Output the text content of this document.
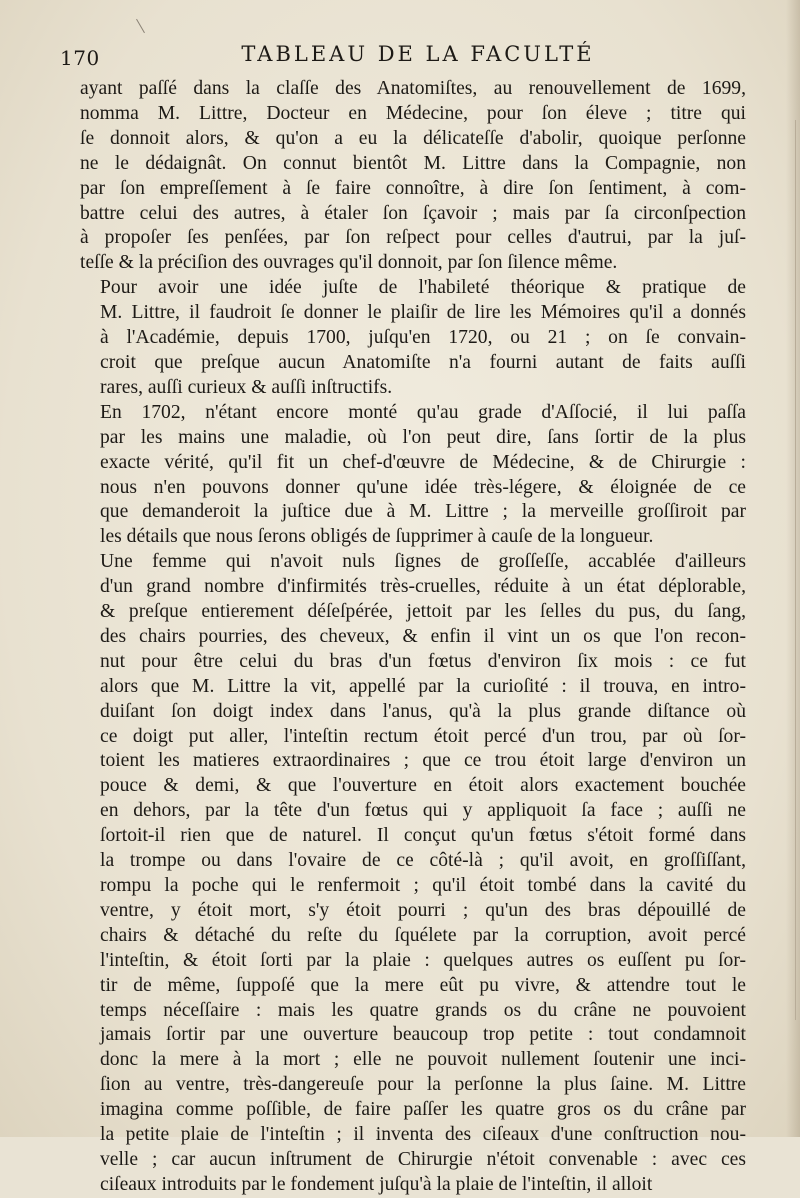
170	TABLEAU DE LA FACULTÉ

ayant paſſé dans la claſſe des Anatomiſtes, au renouvellement de 1699,
nomma M. Littre, Docteur en Médecine, pour ſon éleve ; titre qui
ſe donnoit alors, & qu'on a eu la délicateſſe d'abolir, quoique perſonne
ne le dédaignât. On connut bientôt M. Littre dans la Compagnie, non
par ſon empreſſement à ſe faire connoître, à dire ſon ſentiment, à com-
battre celui des autres, à étaler ſon ſçavoir ; mais par ſa circonſpection
à propoſer ſes penſées, par ſon reſpect pour celles d'autrui, par la juſ-
teſſe & la préciſion des ouvrages qu'il donnoit, par ſon ſilence même.

Pour avoir une idée juſte de l'habileté théorique & pratique de
M. Littre, il faudroit ſe donner le plaiſir de lire les Mémoires qu'il a donnés
à l'Académie, depuis 1700, juſqu'en 1720, ou 21 ; on ſe convain-
croit que preſque aucun Anatomiſte n'a fourni autant de faits auſſi
rares, auſſi curieux & auſſi inſtructifs.

En 1702, n'étant encore monté qu'au grade d'Aſſocié, il lui paſſa
par les mains une maladie, où l'on peut dire, ſans ſortir de la plus
exacte vérité, qu'il fit un chef-d'œuvre de Médecine, & de Chirurgie :
nous n'en pouvons donner qu'une idée très-légere, & éloignée de ce
que demanderoit la juſtice due à M. Littre ; la merveille groſſiroit par
les détails que nous ſerons obligés de ſupprimer à cauſe de la longueur.

Une femme qui n'avoit nuls ſignes de groſſeſſe, accablée d'ailleurs
d'un grand nombre d'infirmités très-cruelles, réduite à un état déplorable,
& preſque entierement déſeſpérée, jettoit par les ſelles du pus, du ſang,
des chairs pourries, des cheveux, & enfin il vint un os que l'on recon-
nut pour être celui du bras d'un fœtus d'environ ſix mois : ce fut
alors que M. Littre la vit, appellé par la curioſité : il trouva, en intro-
duiſant ſon doigt index dans l'anus, qu'à la plus grande diſtance où
ce doigt put aller, l'inteſtin rectum étoit percé d'un trou, par où ſor-
toient les matieres extraordinaires ; que ce trou étoit large d'environ un
pouce & demi, & que l'ouverture en étoit alors exactement bouchée
en dehors, par la tête d'un fœtus qui y appliquoit ſa face ; auſſi ne
ſortoit-il rien que de naturel. Il conçut qu'un fœtus s'étoit formé dans
la trompe ou dans l'ovaire de ce côté-là ; qu'il avoit, en groſſiſſant,
rompu la poche qui le renfermoit ; qu'il étoit tombé dans la cavité du
ventre, y étoit mort, s'y étoit pourri ; qu'un des bras dépouillé de
chairs & détaché du reſte du ſquélete par la corruption, avoit percé
l'inteſtin, & étoit ſorti par la plaie : quelques autres os euſſent pu ſor-
tir de même, ſuppoſé que la mere eût pu vivre, & attendre tout le
temps néceſſaire : mais les quatre grands os du crâne ne pouvoient
jamais ſortir par une ouverture beaucoup trop petite : tout condamnoit
donc la mere à la mort ; elle ne pouvoit nullement ſoutenir une inci-
ſion au ventre, très-dangereuſe pour la perſonne la plus ſaine. M. Littre
imagina comme poſſible, de faire paſſer les quatre gros os du crâne par
la petite plaie de l'inteſtin ; il inventa des ciſeaux d'une conſtruction nou-
velle ; car aucun inſtrument de Chirurgie n'étoit convenable : avec ces
ciſeaux introduits par le fondement juſqu'à la plaie de l'inteſtin, il alloit
